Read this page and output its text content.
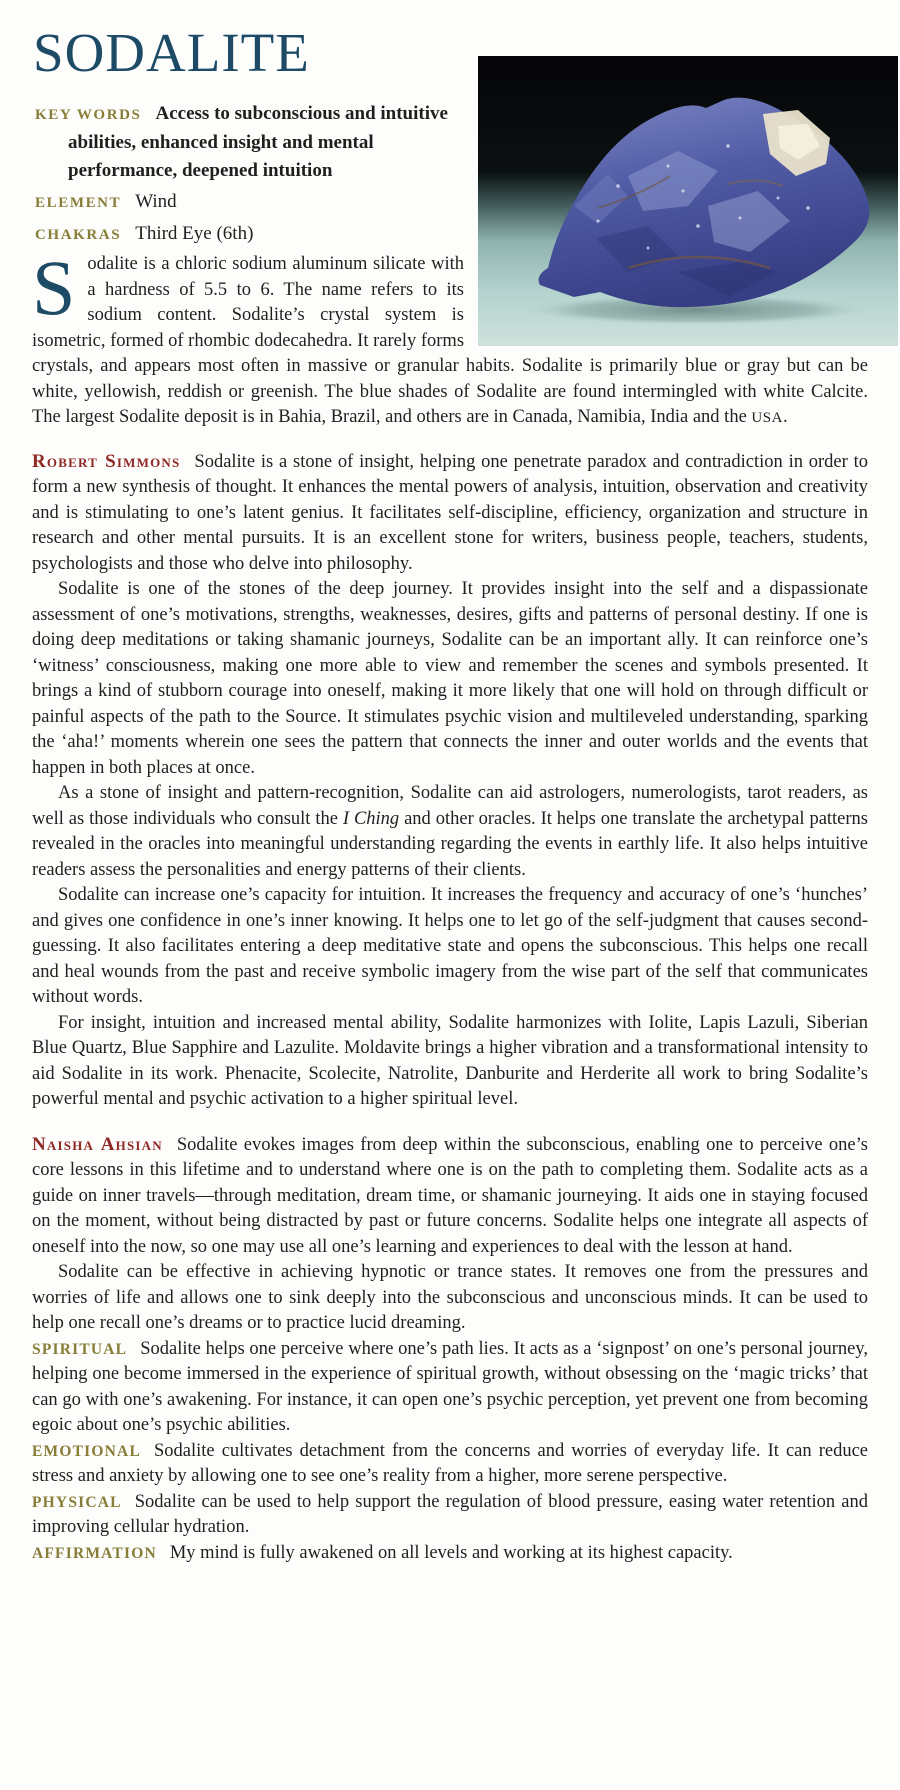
SODALITE
KEY WORDS Access to subconscious and intuitive abilities, enhanced insight and mental performance, deepened intuition
ELEMENT Wind
CHAKRAS Third Eye (6th)

Sodalite is a chloric sodium aluminum silicate with a hardness of 5.5 to 6. The name refers to its sodium content. Sodalite’s crystal system is isometric, formed of rhombic dodecahedra. It rarely forms crystals, and appears most often in massive or granular habits. Sodalite is primarily blue or gray but can be white, yellowish, reddish or greenish. The blue shades of Sodalite are found intermingled with white Calcite. The largest Sodalite deposit is in Bahia, Brazil, and others are in Canada, Namibia, India and the USA.

Robert Simmons Sodalite is a stone of insight, helping one penetrate paradox and contradiction in order to form a new synthesis of thought. It enhances the mental powers of analysis, intuition, observation and creativity and is stimulating to one’s latent genius. It facilitates self-discipline, efficiency, organization and structure in research and other mental pursuits. It is an excellent stone for writers, business people, teachers, students, psychologists and those who delve into philosophy.

Sodalite is one of the stones of the deep journey. It provides insight into the self and a dispassionate assessment of one’s motivations, strengths, weaknesses, desires, gifts and patterns of personal destiny. If one is doing deep meditations or taking shamanic journeys, Sodalite can be an important ally. It can reinforce one’s ‘witness’ consciousness, making one more able to view and remember the scenes and symbols presented. It brings a kind of stubborn courage into oneself, making it more likely that one will hold on through difficult or painful aspects of the path to the Source. It stimulates psychic vision and multileveled understanding, sparking the ‘aha!’ moments wherein one sees the pattern that connects the inner and outer worlds and the events that happen in both places at once.

As a stone of insight and pattern-recognition, Sodalite can aid astrologers, numerologists, tarot readers, as well as those individuals who consult the I Ching and other oracles. It helps one translate the archetypal patterns revealed in the oracles into meaningful understanding regarding the events in earthly life. It also helps intuitive readers assess the personalities and energy patterns of their clients.

Sodalite can increase one’s capacity for intuition. It increases the frequency and accuracy of one’s ‘hunches’ and gives one confidence in one’s inner knowing. It helps one to let go of the self-judgment that causes second-guessing. It also facilitates entering a deep meditative state and opens the subconscious. This helps one recall and heal wounds from the past and receive symbolic imagery from the wise part of the self that communicates without words.

For insight, intuition and increased mental ability, Sodalite harmonizes with Iolite, Lapis Lazuli, Siberian Blue Quartz, Blue Sapphire and Lazulite. Moldavite brings a higher vibration and a transformational intensity to aid Sodalite in its work. Phenacite, Scolecite, Natrolite, Danburite and Herderite all work to bring Sodalite’s powerful mental and psychic activation to a higher spiritual level.

Naisha Ahsian Sodalite evokes images from deep within the subconscious, enabling one to perceive one’s core lessons in this lifetime and to understand where one is on the path to completing them. Sodalite acts as a guide on inner travels—through meditation, dream time, or shamanic journeying. It aids one in staying focused on the moment, without being distracted by past or future concerns. Sodalite helps one integrate all aspects of oneself into the now, so one may use all one’s learning and experiences to deal with the lesson at hand.

Sodalite can be effective in achieving hypnotic or trance states. It removes one from the pressures and worries of life and allows one to sink deeply into the subconscious and unconscious minds. It can be used to help one recall one’s dreams or to practice lucid dreaming.

SPIRITUAL Sodalite helps one perceive where one’s path lies. It acts as a ‘signpost’ on one’s personal journey, helping one become immersed in the experience of spiritual growth, without obsessing on the ‘magic tricks’ that can go with one’s awakening. For instance, it can open one’s psychic perception, yet prevent one from becoming egoic about one’s psychic abilities.

EMOTIONAL Sodalite cultivates detachment from the concerns and worries of everyday life. It can reduce stress and anxiety by allowing one to see one’s reality from a higher, more serene perspective.

PHYSICAL Sodalite can be used to help support the regulation of blood pressure, easing water retention and improving cellular hydration.

AFFIRMATION My mind is fully awakened on all levels and working at its highest capacity.
